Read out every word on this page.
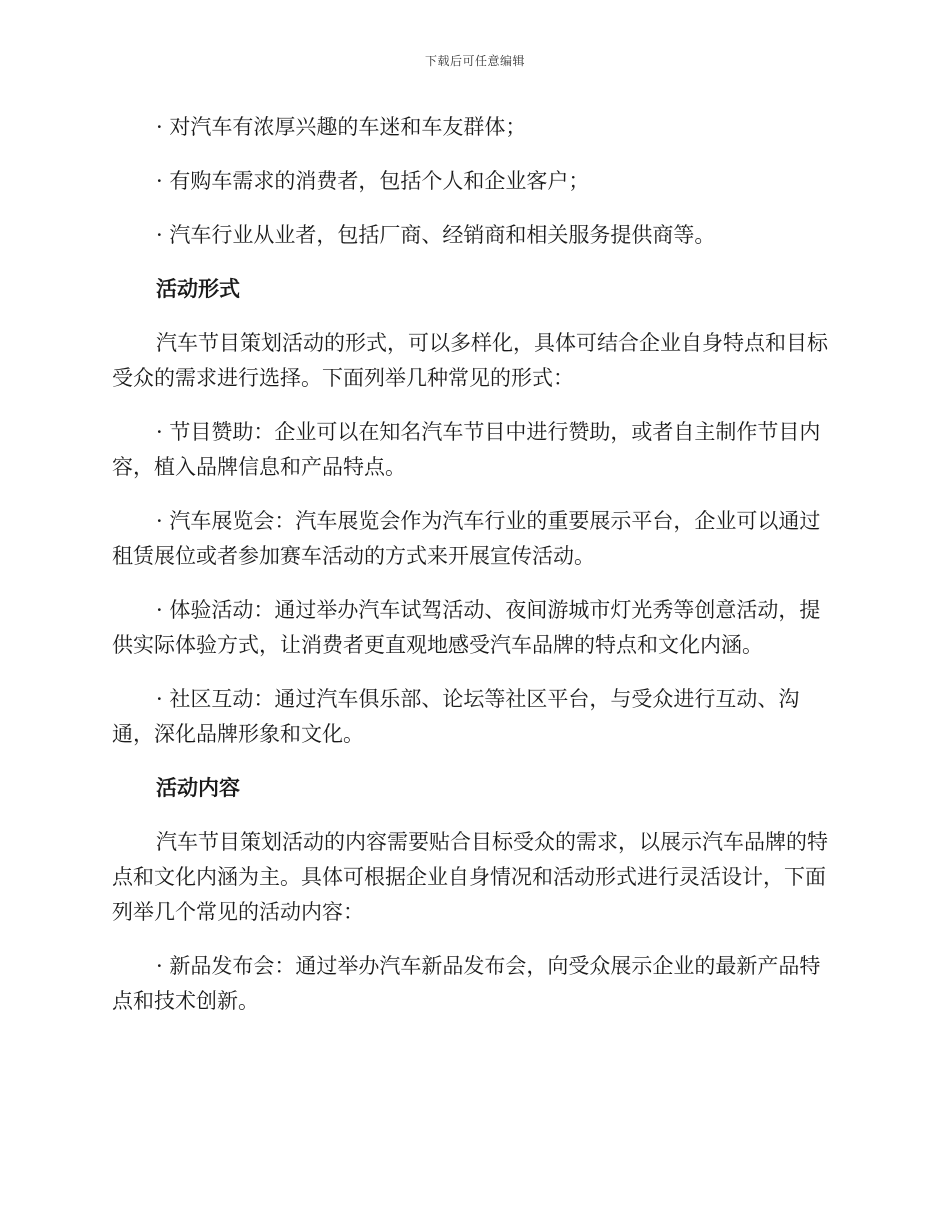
下载后可任意编辑

· 对汽车有浓厚兴趣的车迷和车友群体；

· 有购车需求的消费者，包括个人和企业客户；

· 汽车行业从业者，包括厂商、经销商和相关服务提供商等。

活动形式

汽车节目策划活动的形式，可以多样化，具体可结合企业自身特点和目标受众的需求进行选择。下面列举几种常见的形式：

· 节目赞助：企业可以在知名汽车节目中进行赞助，或者自主制作节目内容，植入品牌信息和产品特点。

· 汽车展览会：汽车展览会作为汽车行业的重要展示平台，企业可以通过租赁展位或者参加赛车活动的方式来开展宣传活动。

· 体验活动：通过举办汽车试驾活动、夜间游城市灯光秀等创意活动，提供实际体验方式，让消费者更直观地感受汽车品牌的特点和文化内涵。

· 社区互动：通过汽车俱乐部、论坛等社区平台，与受众进行互动、沟通，深化品牌形象和文化。

活动内容

汽车节目策划活动的内容需要贴合目标受众的需求，以展示汽车品牌的特点和文化内涵为主。具体可根据企业自身情况和活动形式进行灵活设计，下面列举几个常见的活动内容：

· 新品发布会：通过举办汽车新品发布会，向受众展示企业的最新产品特点和技术创新。
